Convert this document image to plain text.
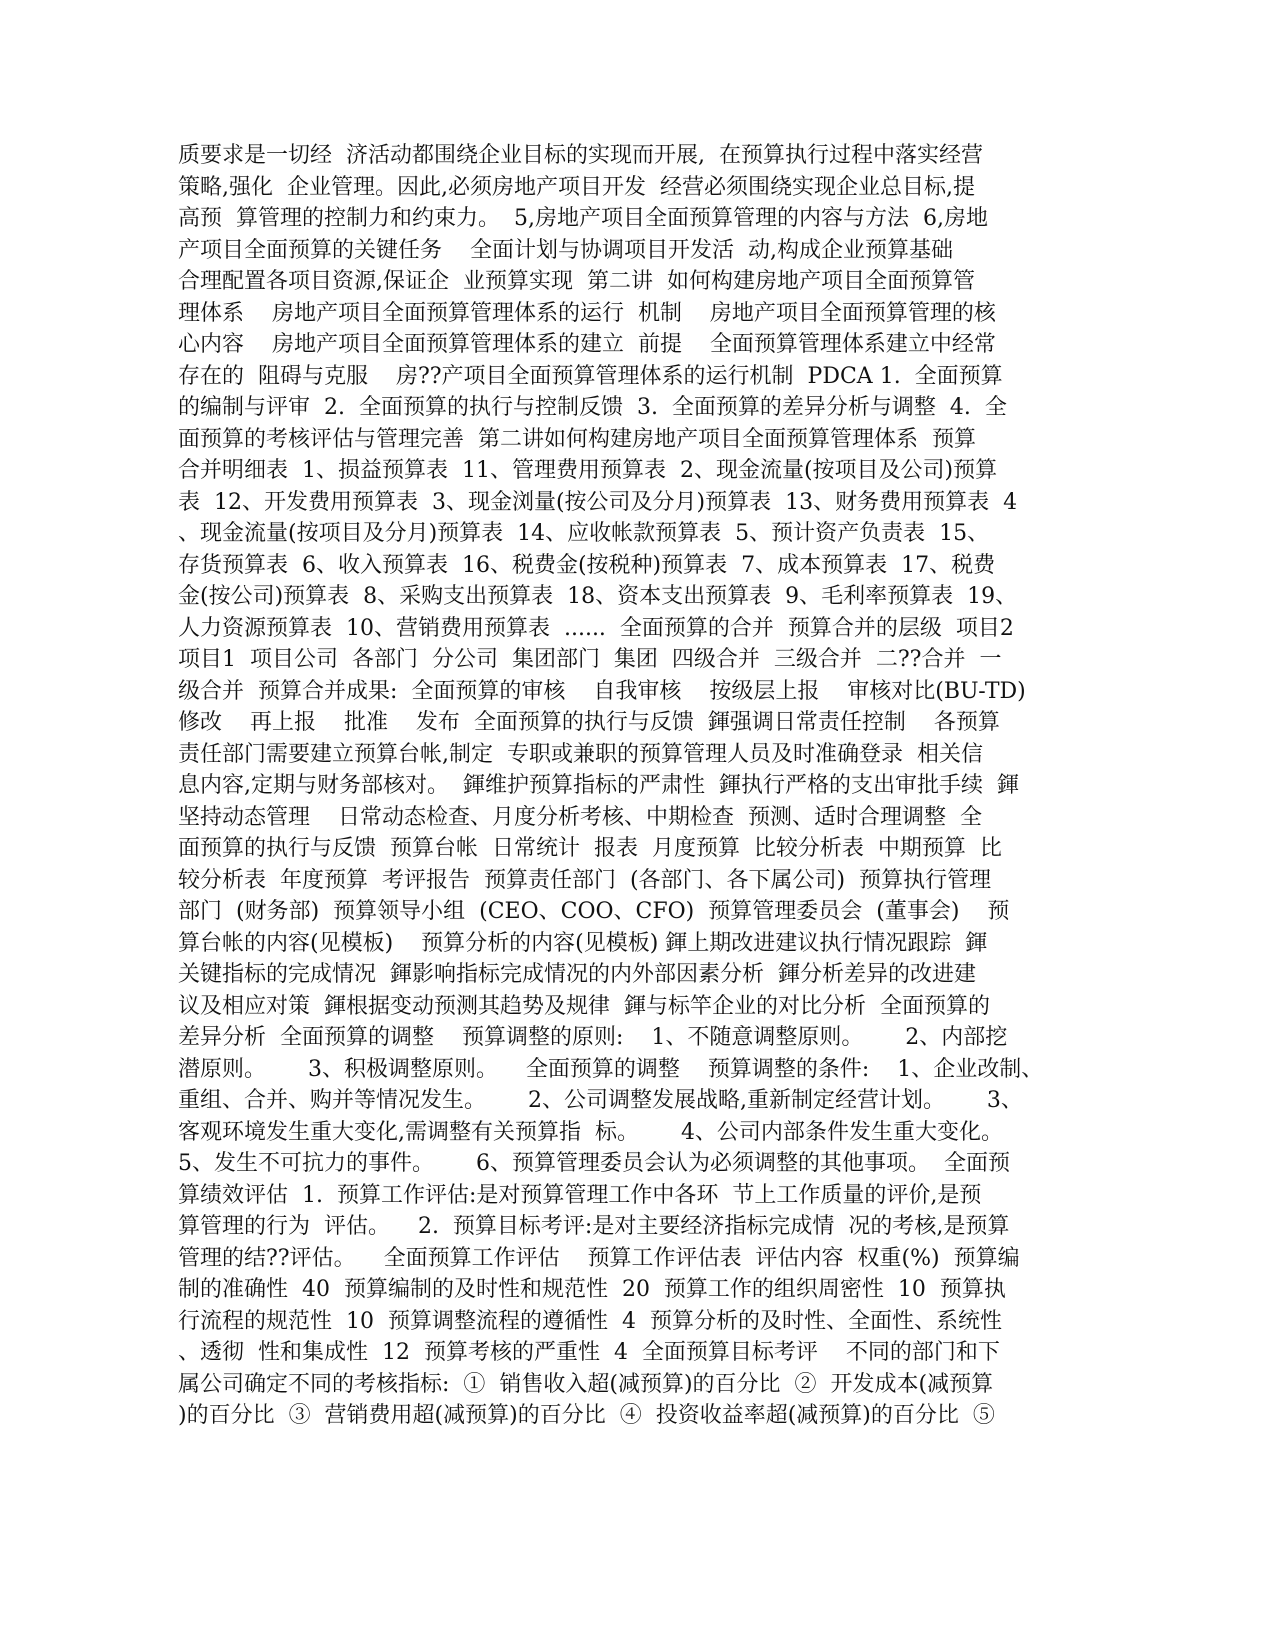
质要求是一切经  济活动都围绕企业目标的实现而开展,  在预算执行过程中落实经营
策略,强化  企业管理。因此,必须房地产项目开发  经营必须围绕实现企业总目标,提
高预  算管理的控制力和约束力。  5,房地产项目全面预算管理的内容与方法  6,房地
产项目全面预算的关键任务    全面计划与协调项目开发活  动,构成企业预算基础
合理配置各项目资源,保证企  业预算实现  第二讲  如何构建房地产项目全面预算管
理体系    房地产项目全面预算管理体系的运行  机制    房地产项目全面预算管理的核
心内容    房地产项目全面预算管理体系的建立  前提    全面预算管理体系建立中经常
存在的  阻碍与克服    房??产项目全面预算管理体系的运行机制  PDCA 1.  全面预算
的编制与评审  2.  全面预算的执行与控制反馈  3.  全面预算的差异分析与调整  4.  全
面预算的考核评估与管理完善  第二讲如何构建房地产项目全面预算管理体系  预算
合并明细表  1、损益预算表  11、管理费用预算表  2、现金流量(按项目及公司)预算
表  12、开发费用预算表  3、现金浏量(按公司及分月)预算表  13、财务费用预算表  4
、现金流量(按项目及分月)预算表  14、应收帐款预算表  5、预计资产负责表  15、
存货预算表  6、收入预算表  16、税费金(按税种)预算表  7、成本预算表  17、税费
金(按公司)预算表  8、采购支出预算表  18、资本支出预算表  9、毛利率预算表  19、
人力资源预算表  10、营销费用预算表  ......  全面预算的合并  预算合并的层级  项目2
项目1  项目公司  各部门  分公司  集团部门  集团  四级合并  三级合并  二??合并  一
级合并  预算合并成果:  全面预算的审核    自我审核    按级层上报    审核对比(BU-TD)
修改    再上报    批准    发布  全面预算的执行与反馈  鍕强调日常责任控制    各预算
责任部门需要建立预算台帐,制定  专职或兼职的预算管理人员及时准确登录  相关信
息内容,定期与财务部核对。  鍕维护预算指标的严肃性  鍕执行严格的支出审批手续  鍕
坚持动态管理    日常动态检查、月度分析考核、中期检查  预测、适时合理调整  全
面预算的执行与反馈  预算台帐  日常统计  报表  月度预算  比较分析表  中期预算  比
较分析表  年度预算  考评报告  预算责任部门  (各部门、各下属公司)  预算执行管理
部门  (财务部)  预算领导小组  (CEO、COO、CFO)  预算管理委员会  (董事会)    预
算台帐的内容(见模板)    预算分析的内容(见模板) 鍕上期改进建议执行情况跟踪  鍕
关键指标的完成情况  鍕影响指标完成情况的内外部因素分析  鍕分析差异的改进建
议及相应对策  鍕根据变动预测其趋势及规律  鍕与标竿企业的对比分析  全面预算的
差异分析  全面预算的调整    预算调整的原则:    1、不随意调整原则。      2、内部挖
潜原则。      3、积极调整原则。    全面预算的调整    预算调整的条件:    1、企业改制、
重组、合并、购并等情况发生。      2、公司调整发展战略,重新制定经营计划。      3、
客观环境发生重大变化,需调整有关预算指  标。      4、公司内部条件发生重大变化。
5、发生不可抗力的事件。      6、预算管理委员会认为必须调整的其他事项。  全面预
算绩效评估  1.  预算工作评估:是对预算管理工作中各环  节上工作质量的评价,是预
算管理的行为  评估。    2.  预算目标考评:是对主要经济指标完成情  况的考核,是预算
管理的结??评估。    全面预算工作评估    预算工作评估表  评估内容  权重(%)  预算编
制的准确性  40  预算编制的及时性和规范性  20  预算工作的组织周密性  10  预算执
行流程的规范性  10  预算调整流程的遵循性  4  预算分析的及时性、全面性、系统性
、透彻  性和集成性  12  预算考核的严重性  4  全面预算目标考评    不同的部门和下
属公司确定不同的考核指标:  ①  销售收入超(减预算)的百分比  ②  开发成本(减预算
)的百分比  ③  营销费用超(减预算)的百分比  ④  投资收益率超(减预算)的百分比  ⑤
